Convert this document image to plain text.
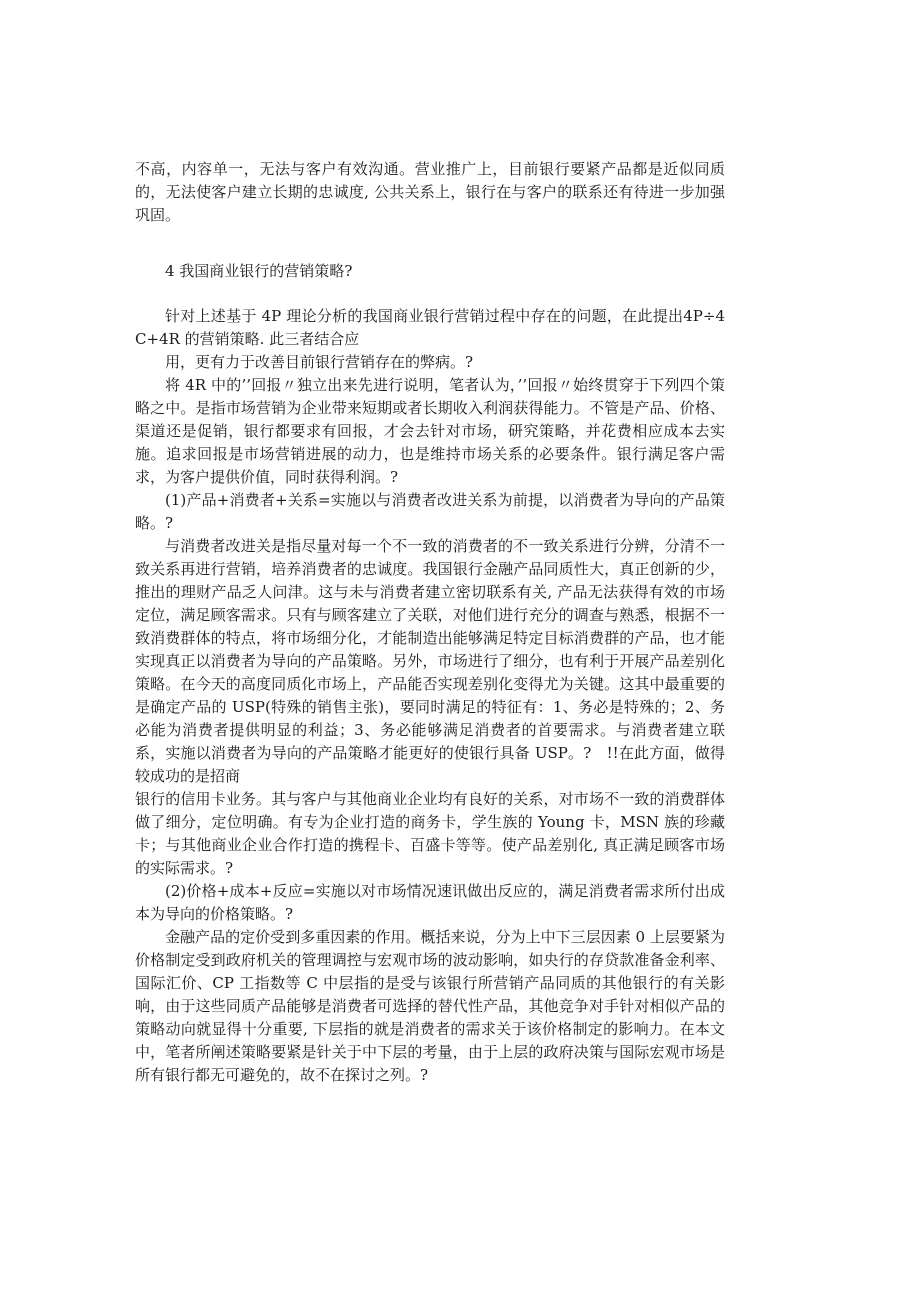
不高，内容单一，无法与客户有效沟通。营业推广上，目前银行要紧产品都是近似同质的，无法使客户建立长期的忠诚度, 公共关系上，银行在与客户的联系还有待进一步加强巩固。

4 我国商业银行的营销策略?

针对上述基于 4P 理论分析的我国商业银行营销过程中存在的问题，在此提出4P÷4C+4R 的营销策略. 此三者结合应

用，更有力于改善目前银行营销存在的弊病。?

将 4R 中的’’回报〃独立出来先进行说明，笔者认为，’’回报〃始终贯穿于下列四个策略之中。是指市场营销为企业带来短期或者长期收入利润获得能力。不管是产品、价格、渠道还是促销，银行都要求有回报，才会去针对市场，研究策略，并花费相应成本去实施。追求回报是市场营销进展的动力，也是维持市场关系的必要条件。银行满足客户需求，为客户提供价值，同时获得利润。?

(1)产品+消费者+关系=实施以与消费者改进关系为前提，以消费者为导向的产品策略。?

与消费者改进关是指尽量对每一个不一致的消费者的不一致关系进行分辨，分清不一致关系再进行营销，培养消费者的忠诚度。我国银行金融产品同质性大，真正创新的少，推出的理财产品乏人问津。这与未与消费者建立密切联系有关, 产品无法获得有效的市场定位，满足顾客需求。只有与顾客建立了关联，对他们进行充分的调查与熟悉，根据不一致消费群体的特点，将市场细分化，才能制造出能够满足特定目标消费群的产品，也才能实现真正以消费者为导向的产品策略。另外，市场进行了细分，也有利于开展产品差别化策略。在今天的高度同质化市场上，产品能否实现差别化变得尤为关键。这其中最重要的是确定产品的 USP(特殊的销售主张)，要同时满足的特征有：1、务必是特殊的；2、务必能为消费者提供明显的利益；3、务必能够满足消费者的首要需求。与消费者建立联系，实施以消费者为导向的产品策略才能更好的使银行具备 USP。?　!!在此方面，做得较成功的是招商

银行的信用卡业务。其与客户与其他商业企业均有良好的关系，对市场不一致的消费群体做了细分，定位明确。有专为企业打造的商务卡，学生族的 Young 卡，MSN 族的珍藏卡；与其他商业企业合作打造的携程卡、百盛卡等等。使产品差别化, 真正满足顾客市场的实际需求。?

(2)价格+成本+反应=实施以对市场情况速讯做出反应的，满足消费者需求所付出成本为导向的价格策略。?

金融产品的定价受到多重因素的作用。概括来说，分为上中下三层因素 0 上层要紧为价格制定受到政府机关的管理调控与宏观市场的波动影响，如央行的存贷款准备金利率、国际汇价、CP 工指数等 C 中层指的是受与该银行所营销产品同质的其他银行的有关影响，由于这些同质产品能够是消费者可选择的替代性产品，其他竞争对手针对相似产品的策略动向就显得十分重要, 下层指的就是消费者的需求关于该价格制定的影响力。在本文中，笔者所阐述策略要紧是针关于中下层的考量，由于上层的政府决策与国际宏观市场是所有银行都无可避免的，故不在探讨之列。?
